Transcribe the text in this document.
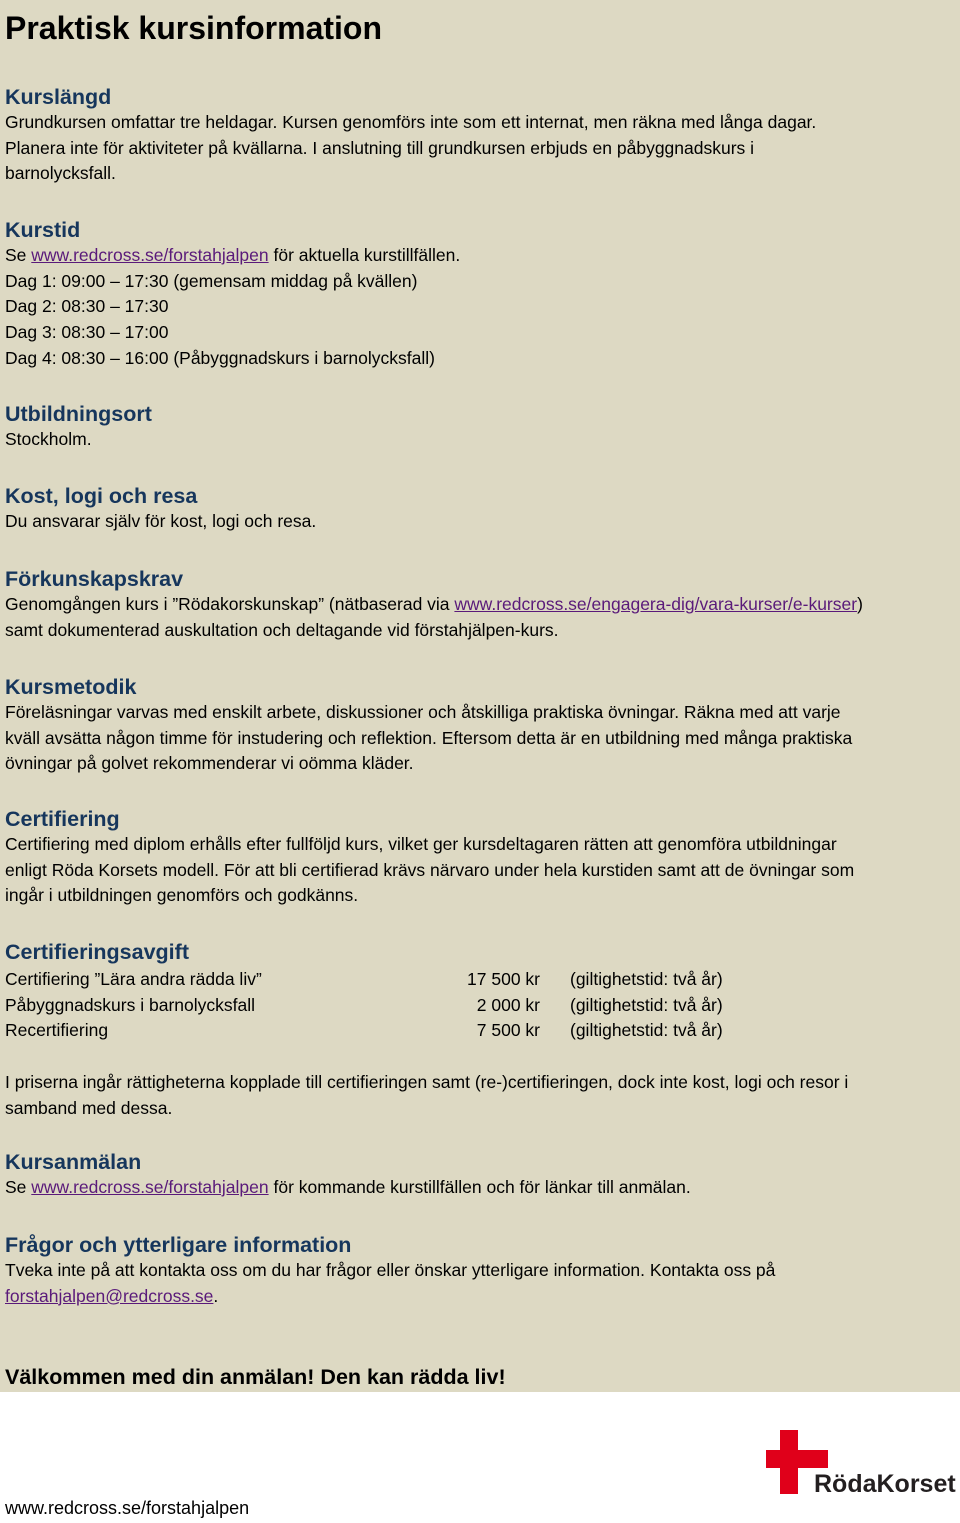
Praktisk kursinformation
Kurslängd

Grundkursen omfattar tre heldagar. Kursen genomförs inte som ett internat, men räkna med långa dagar.

Planera inte för aktiviteter på kvällarna. I anslutning till grundkursen erbjuds en påbyggnadskurs i

barnolycksfall.

Kurstid

Se www.redcross.se/forstahjalpen för aktuella kurstillfällen.

Dag 1: 09:00 – 17:30 (gemensam middag på kvällen)

Dag 2: 08:30 – 17:30

Dag 3: 08:30 – 17:00

Dag 4: 08:30 – 16:00 (Påbyggnadskurs i barnolycksfall)

Utbildningsort

Stockholm.

Kost, logi och resa

Du ansvarar själv för kost, logi och resa.

Förkunskapskrav

Genomgången kurs i ”Rödakorskunskap” (nätbaserad via www.redcross.se/engagera-dig/vara-kurser/e-kurser)

samt dokumenterad auskultation och deltagande vid förstahjälpen-kurs.

Kursmetodik

Föreläsningar varvas med enskilt arbete, diskussioner och åtskilliga praktiska övningar. Räkna med att varje

kväll avsätta någon timme för instudering och reflektion. Eftersom detta är en utbildning med många praktiska

övningar på golvet rekommenderar vi oömma kläder.

Certifiering

Certifiering med diplom erhålls efter fullföljd kurs, vilket ger kursdeltagaren rätten att genomföra utbildningar

enligt Röda Korsets modell. För att bli certifierad krävs närvaro under hela kurstiden samt att de övningar som

ingår i utbildningen genomförs och godkänns.

Certifieringsavgift
Certifiering ”Lära andra rädda liv”	17 500 kr	(giltighetstid: två år)
Påbyggnadskurs i barnolycksfall	2 000 kr	(giltighetstid: två år)
Recertifiering	7 500 kr	(giltighetstid: två år)

I priserna ingår rättigheterna kopplade till certifieringen samt (re-)certifieringen, dock inte kost, logi och resor i

samband med dessa.

Kursanmälan

Se www.redcross.se/forstahjalpen för kommande kurstillfällen och för länkar till anmälan.

Frågor och ytterligare information

Tveka inte på att kontakta oss om du har frågor eller önskar ytterligare information. Kontakta oss på

forstahjalpen@redcross.se.

Välkommen med din anmälan! Den kan rädda liv!

RödaKorset
www.redcross.se/forstahjalpen
